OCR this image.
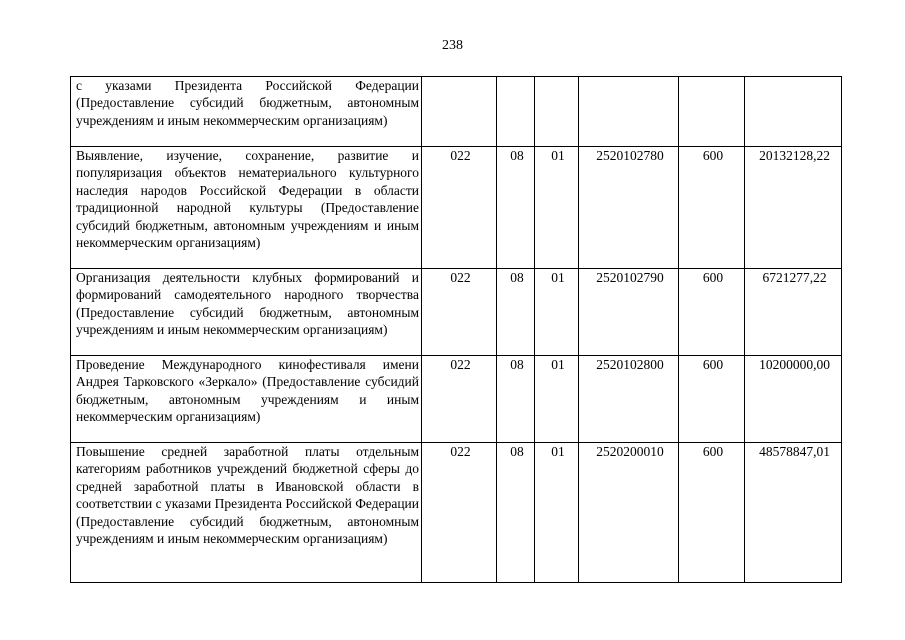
238
с указами Президента Российской Федерации (Предоставление субсидий бюджетным, автономным учреждениям и иным некоммерческим организациям)						
Выявление, изучение, сохранение, развитие и популяризация объектов нематериального культурного наследия народов Российской Федерации в области традиционной народной культуры (Предоставление субсидий бюджетным, автономным учреждениям и иным некоммерческим организациям)	022	08	01	2520102780	600	20132128,22
Организация деятельности клубных формирований и формирований самодеятельного народного творчества (Предоставление субсидий бюджетным, автономным учреждениям и иным некоммерческим организациям)	022	08	01	2520102790	600	6721277,22
Проведение Международного кинофестиваля имени Андрея Тарковского «Зеркало» (Предоставление субсидий бюджетным, автономным учреждениям и иным некоммерческим организациям)	022	08	01	2520102800	600	10200000,00
Повышение средней заработной платы отдельным категориям работников учреждений бюджетной сферы до средней заработной платы в Ивановской области в соответствии с указами Президента Российской Федерации (Предоставление субсидий бюджетным, автономным учреждениям и иным некоммерческим организациям)	022	08	01	2520200010	600	48578847,01
